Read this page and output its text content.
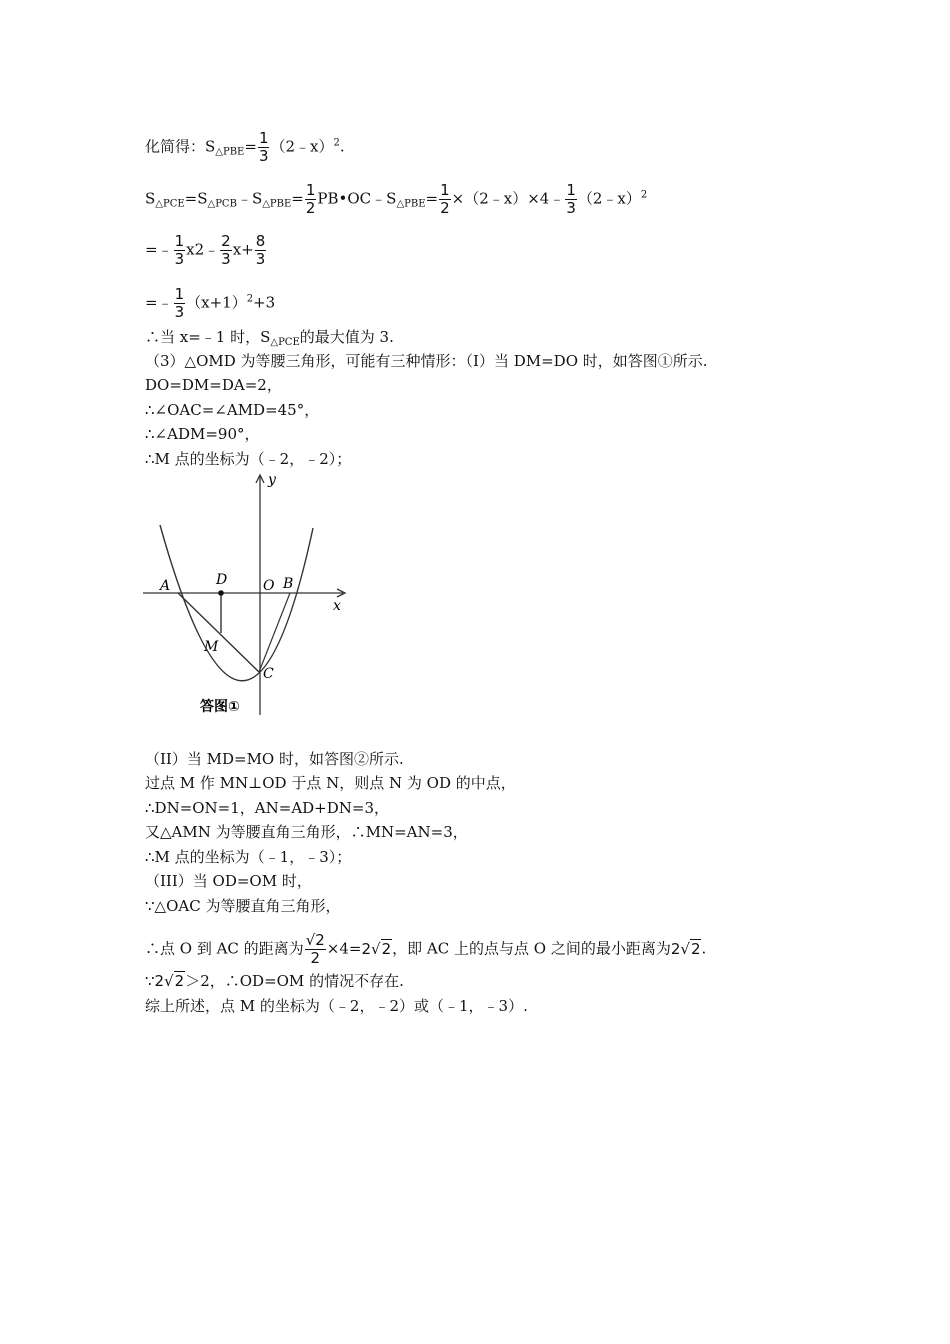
化简得：$S_{\triangle PBE}= \frac{1}{3}$ （2﹣x）$^2$.
$S_{\triangle PCE}=S_{\triangle PCB}﹣S_{\triangle PBE}= \frac{1}{2}$ $PB•OC﹣S_{\triangle PBE}= \frac{1}{2}$ ×（2﹣x）×4﹣ $\frac{1}{3}$ （2﹣x）$^2$
=﹣ $\frac{1}{3}$ x2﹣ $\frac{2}{3} x+ \frac{8}{3}$
=﹣ $\frac{1}{3} (x+1)^2+3$
∴当 x=﹣1 时，$S_{\triangle PCE}$的最大值为 3.
（3）△OMD 为等腰三角形，可能有三种情形：（I）当 DM=DO 时，如答图①所示.
DO=DM=DA=2，
∴∠OAC=∠AMD=45°，
∴∠ADM=90°，
∴M 点的坐标为（﹣2，﹣2）；
（II）当 MD=MO 时，如答图②所示.
过点 M 作 MN⊥OD 于点 N，则点 N 为 OD 的中点，
∴DN=ON=1，AN=AD+DN=3，
又△AMN 为等腰直角三角形，∴MN=AN=3，
∴M 点的坐标为（﹣1，﹣3）；
（III）当 OD=OM 时，
∵△OAC 为等腰直角三角形，
∴点 O 到 AC 的距离为 $\frac{√2}{2} \times 4=2√2$，即 AC 上的点与点 O 之间的最小距离为2√2.
∵2√2＞2，∴OD=OM 的情况不存在.
综上所述，点 M 的坐标为（﹣2，﹣2）或（﹣1，﹣3）.
y
x
A	D	O B
M
C
答图①
